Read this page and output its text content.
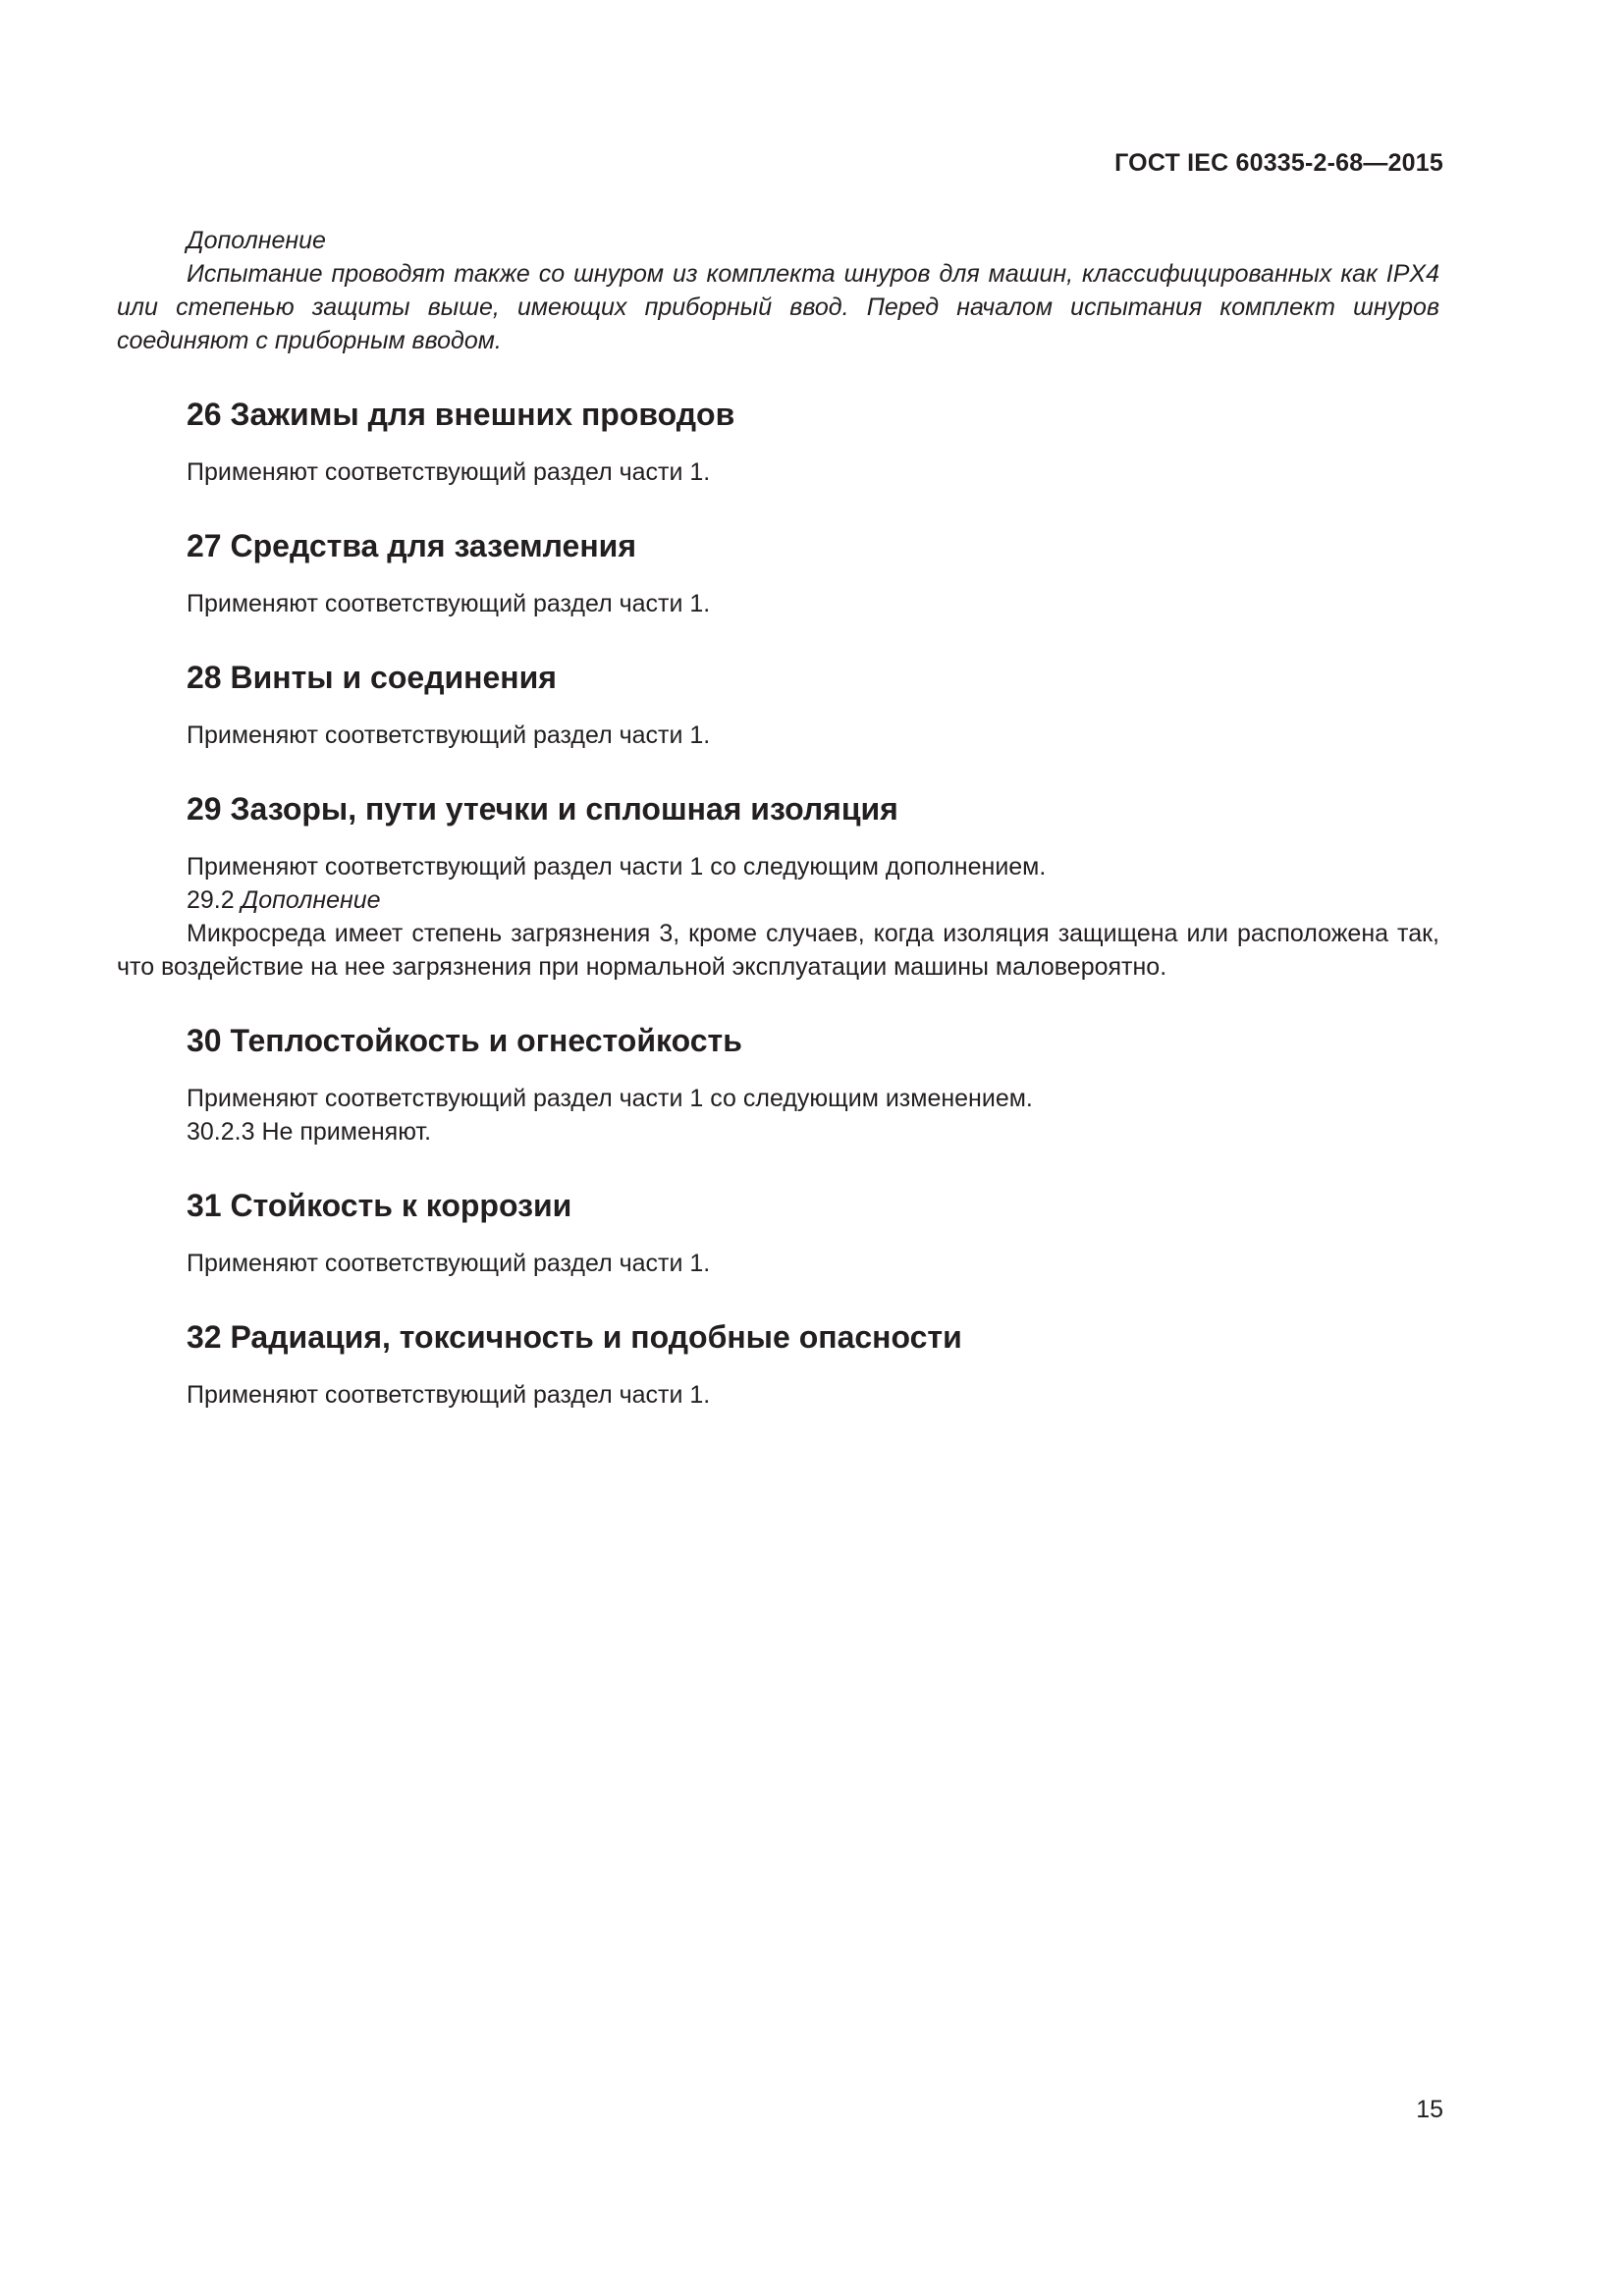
ГОСТ IEC 60335-2-68—2015

Дополнение

Испытание проводят также со шнуром из комплекта шнуров для машин, классифицированных как IPX4 или степенью защиты выше, имеющих приборный ввод. Перед началом испытания комплект шнуров соединяют с приборным вводом.

26 Зажимы для внешних проводов

Применяют соответствующий раздел части 1.

27 Средства для заземления

Применяют соответствующий раздел части 1.

28 Винты и соединения

Применяют соответствующий раздел части 1.

29 Зазоры, пути утечки и сплошная изоляция

Применяют соответствующий раздел части 1 со следующим дополнением.

29.2 Дополнение

Микросреда имеет степень загрязнения 3, кроме случаев, когда изоляция защищена или расположена так, что воздействие на нее загрязнения при нормальной эксплуатации машины маловероятно.

30 Теплостойкость и огнестойкость

Применяют соответствующий раздел части 1 со следующим изменением.

30.2.3 Не применяют.

31 Стойкость к коррозии

Применяют соответствующий раздел части 1.

32 Радиация, токсичность и подобные опасности

Применяют соответствующий раздел части 1.

15
